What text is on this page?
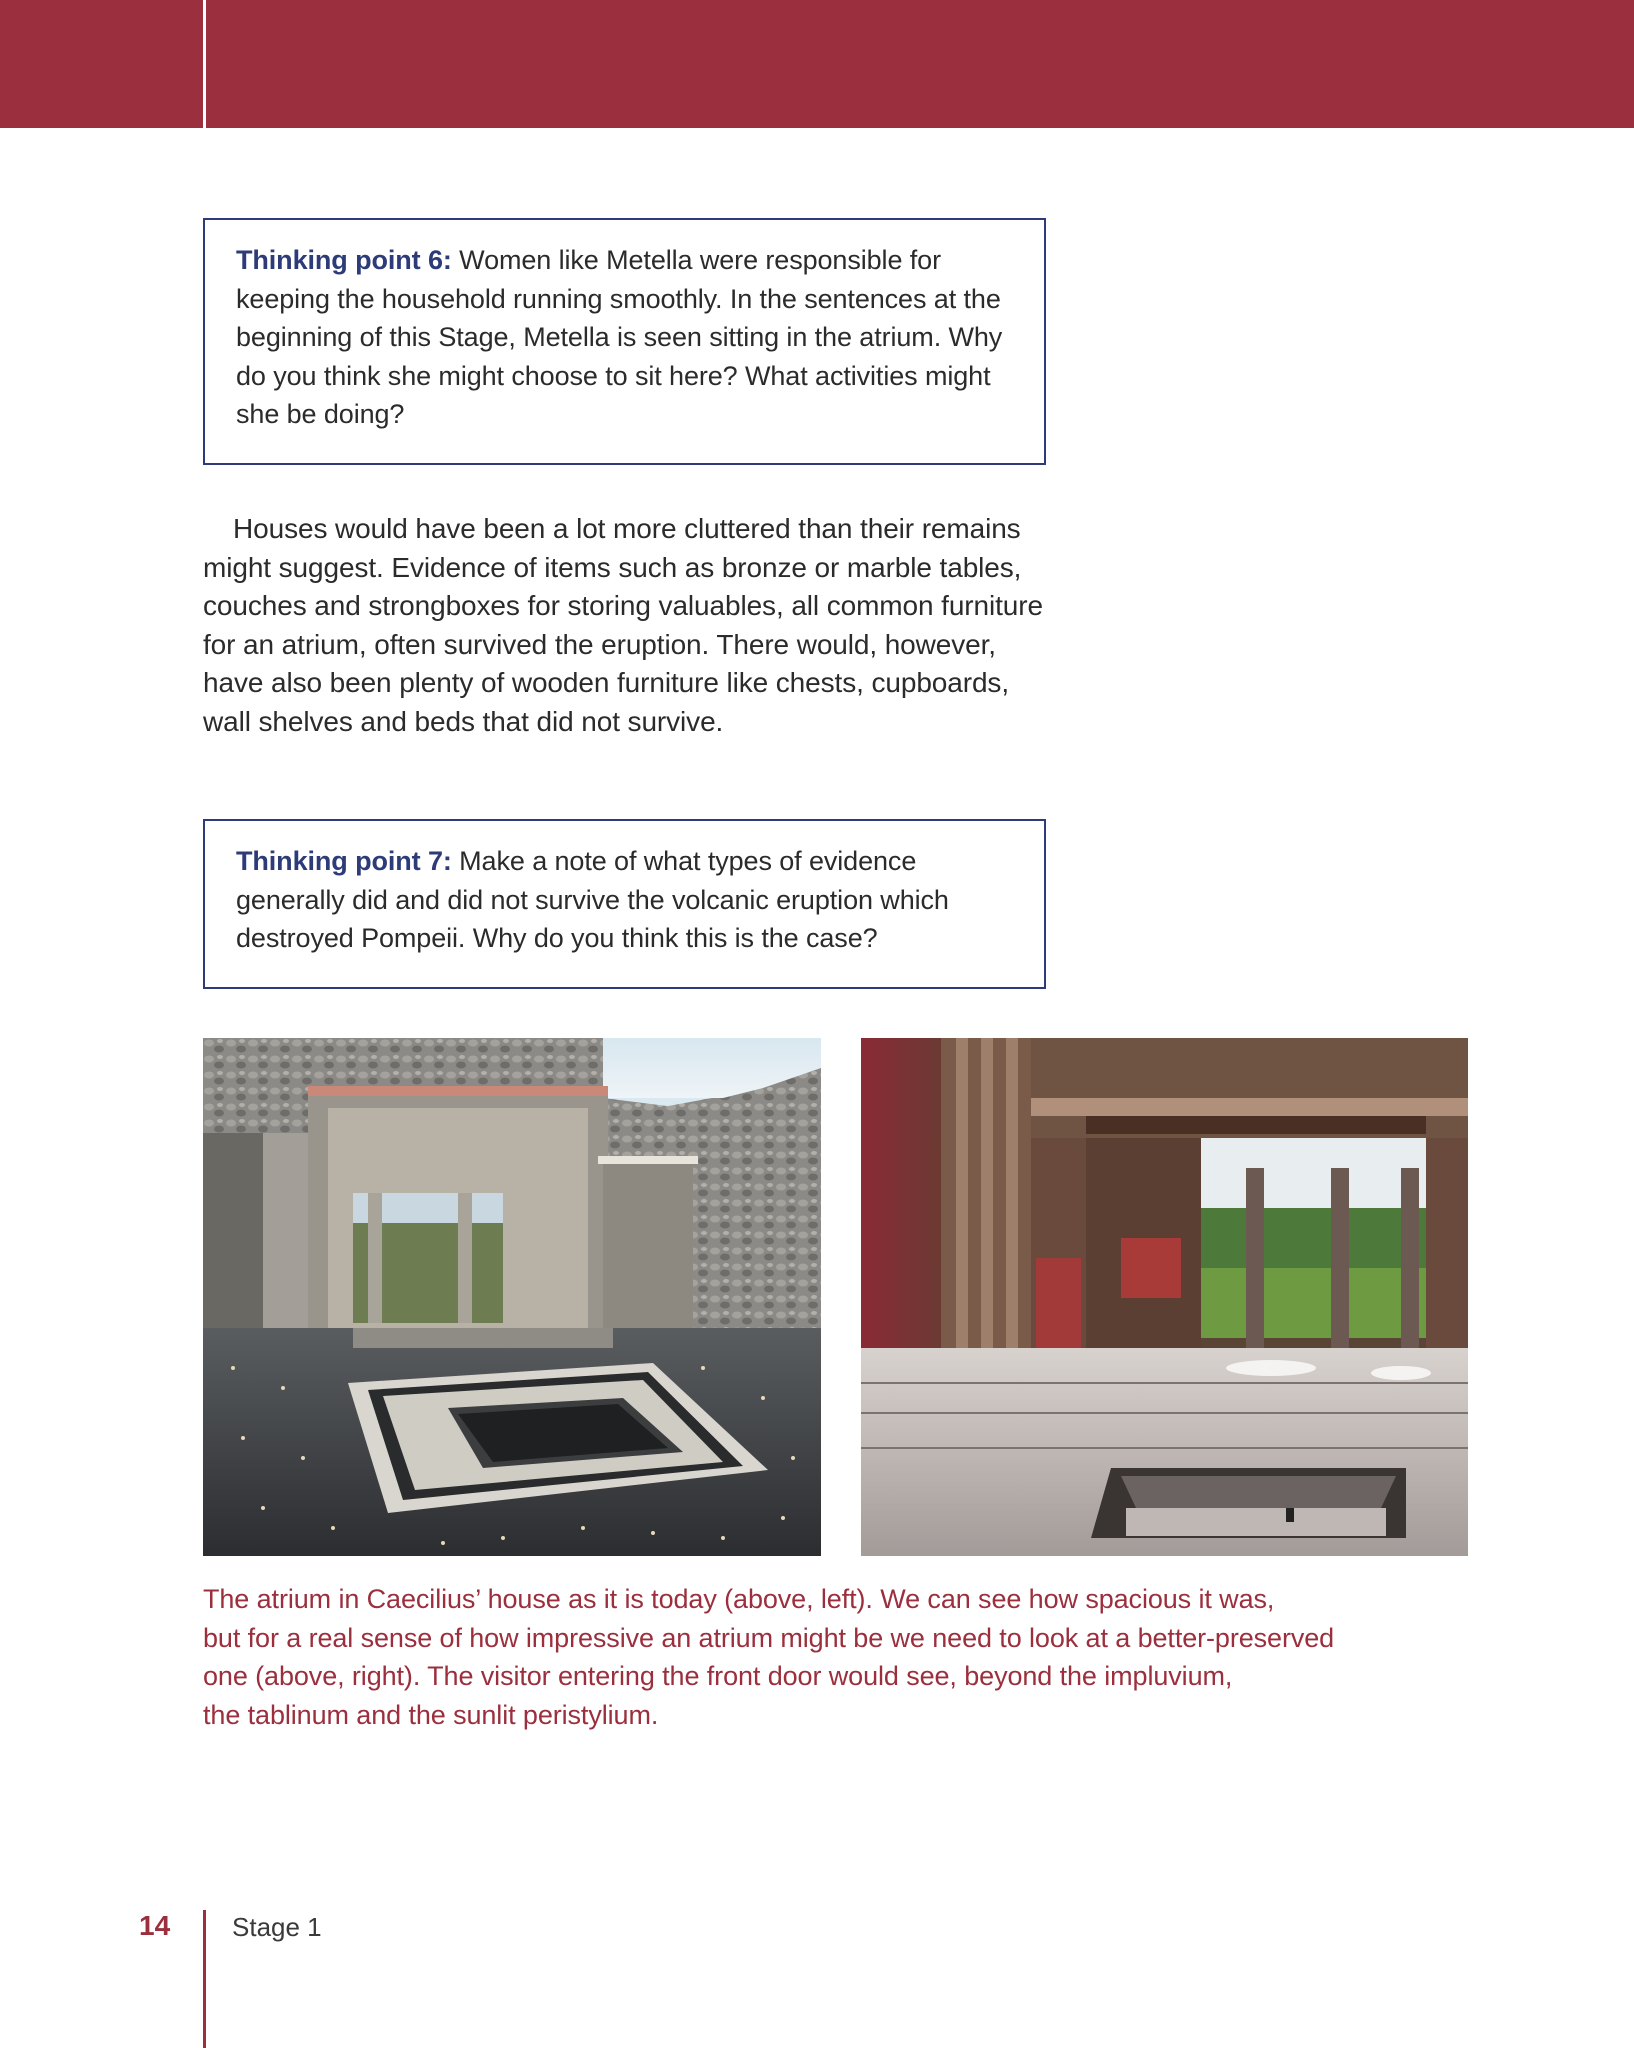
Thinking point 6: Women like Metella were responsible for keeping the household running smoothly. In the sentences at the beginning of this Stage, Metella is seen sitting in the atrium. Why do you think she might choose to sit here? What activities might she be doing?

Houses would have been a lot more cluttered than their remains might suggest. Evidence of items such as bronze or marble tables, couches and strongboxes for storing valuables, all common furniture for an atrium, often survived the eruption. There would, however, have also been plenty of wooden furniture like chests, cupboards, wall shelves and beds that did not survive.

Thinking point 7: Make a note of what types of evidence generally did and did not survive the volcanic eruption which destroyed Pompeii. Why do you think this is the case?

The atrium in Caecilius’ house as it is today (above, left). We can see how spacious it was,
but for a real sense of how impressive an atrium might be we need to look at a better-preserved
one (above, right). The visitor entering the front door would see, beyond the impluvium,
the tablinum and the sunlit peristylium.
14 Stage 1
